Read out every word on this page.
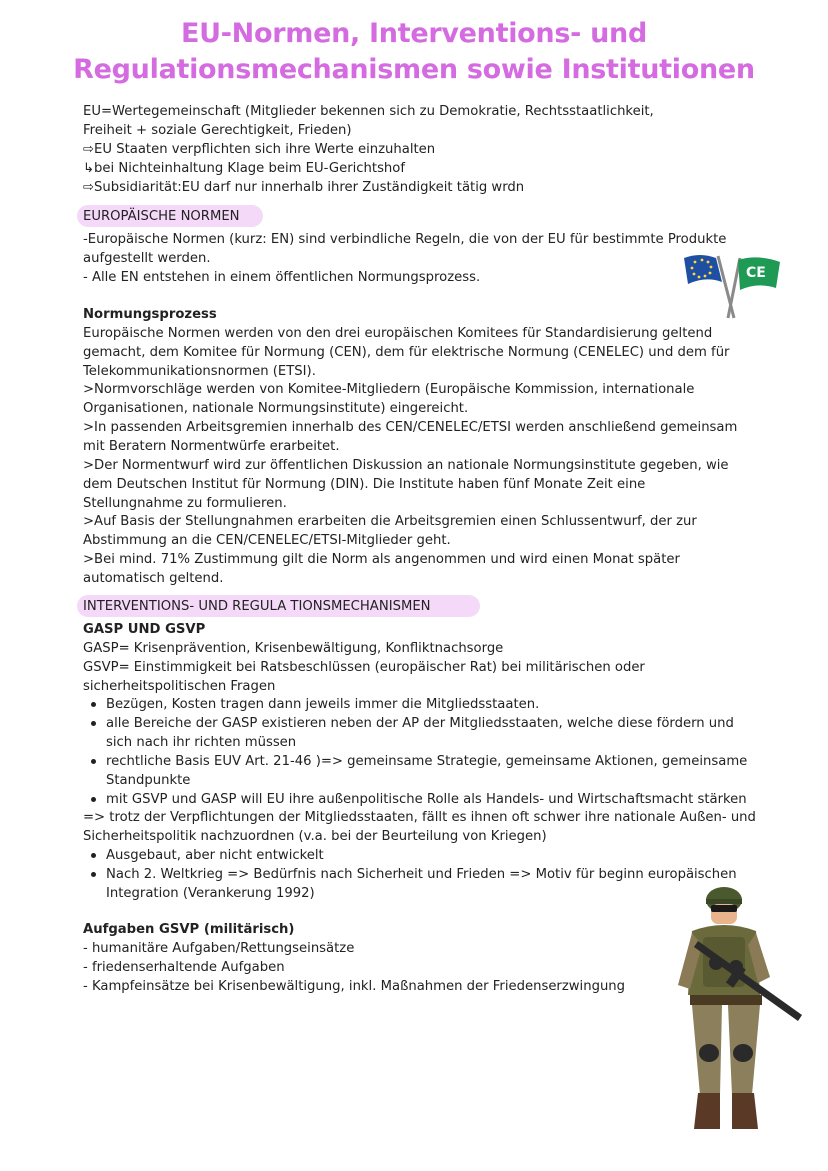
EU-Normen, Interventions- und
Regulationsmechanismen sowie Institutionen
EU=Wertegemeinschaft (Mitglieder bekennen sich zu Demokratie, Rechtsstaatlichkeit,
Freiheit + soziale Gerechtigkeit, Frieden)
⇨EU Staaten verpflichten sich ihre Werte einzuhalten
↳bei Nichteinhaltung Klage beim EU-Gerichtshof
⇨Subsidiarität:EU darf nur innerhalb ihrer Zuständigkeit tätig wrdn
EUROPÄISCHE NORMEN
-Europäische Normen (kurz: EN) sind verbindliche Regeln, die von der EU für bestimmte Produkte
aufgestellt werden.
- Alle EN entstehen in einem öffentlichen Normungsprozess.	CE
Normungsprozess
Europäische Normen werden von den drei europäischen Komitees für Standardisierung geltend
gemacht, dem Komitee für Normung (CEN), dem für elektrische Normung (CENELEC) und dem für
Telekommunikationsnormen (ETSI).
>Normvorschläge werden von Komitee-Mitgliedern (Europäische Kommission, internationale
Organisationen, nationale Normungsinstitute) eingereicht.
>In passenden Arbeitsgremien innerhalb des CEN/CENELEC/ETSI werden anschließend gemeinsam
mit Beratern Normentwürfe erarbeitet.
>Der Normentwurf wird zur öffentlichen Diskussion an nationale Normungsinstitute gegeben, wie
dem Deutschen Institut für Normung (DIN). Die Institute haben fünf Monate Zeit eine
Stellungnahme zu formulieren.
>Auf Basis der Stellungnahmen erarbeiten die Arbeitsgremien einen Schlussentwurf, der zur
Abstimmung an die CEN/CENELEC/ETSI-Mitglieder geht.
>Bei mind. 71% Zustimmung gilt die Norm als angenommen und wird einen Monat später
automatisch geltend.
INTERVENTIONS- UND REGULA TIONSMECHANISMEN
GASP UND GSVP
GASP= Krisenprävention, Krisenbewältigung, Konfliktnachsorge
GSVP= Einstimmigkeit bei Ratsbeschlüssen (europäischer Rat) bei militärischen oder
sicherheitspolitischen Fragen
Bezügen, Kosten tragen dann jeweils immer die Mitgliedsstaaten.
alle Bereiche der GASP existieren neben der AP der Mitgliedsstaaten, welche diese fördern und
sich nach ihr richten müssen
rechtliche Basis EUV Art. 21-46 )=> gemeinsame Strategie, gemeinsame Aktionen, gemeinsame
Standpunkte
mit GSVP und GASP will EU ihre außenpolitische Rolle als Handels- und Wirtschaftsmacht stärken
=> trotz der Verpflichtungen der Mitgliedsstaaten, fällt es ihnen oft schwer ihre nationale Außen- und
Sicherheitspolitik nachzuordnen (v.a. bei der Beurteilung von Kriegen)
Ausgebaut, aber nicht entwickelt
Nach 2. Weltkrieg => Bedürfnis nach Sicherheit und Frieden => Motiv für beginn europäischen
Integration (Verankerung 1992)
Aufgaben GSVP (militärisch)
- humanitäre Aufgaben/Rettungseinsätze
- friedenserhaltende Aufgaben
- Kampfeinsätze bei Krisenbewältigung, inkl. Maßnahmen der Friedenserzwingung
